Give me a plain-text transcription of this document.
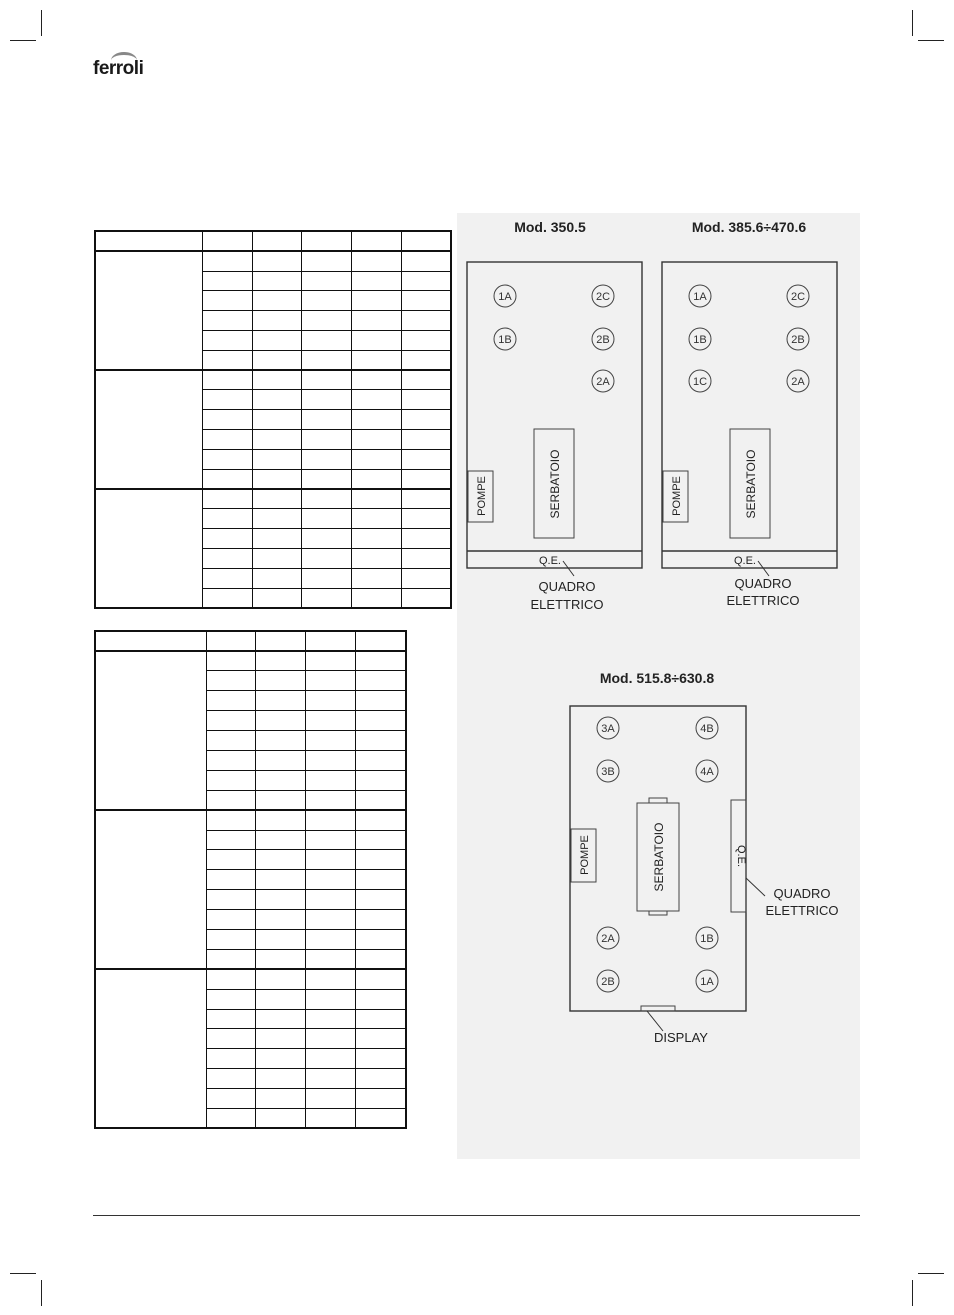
ferroli

Mod. 350.5
1A
1B
2C
2B
2A
SERBATOIO
POMPE
Q.E.
QUADRO
ELETTRICO
Mod. 385.6÷470.6
1A
1B
1C
2C
2B
2A
SERBATOIO
POMPE
Q.E.
QUADRO
ELETTRICO
Mod. 515.8÷630.8
3A
3B
2A
2B
4B
4A
1B
1A
SERBATOIO
POMPE	Q.E.
QUADRO
ELETTRICO
DISPLAY
